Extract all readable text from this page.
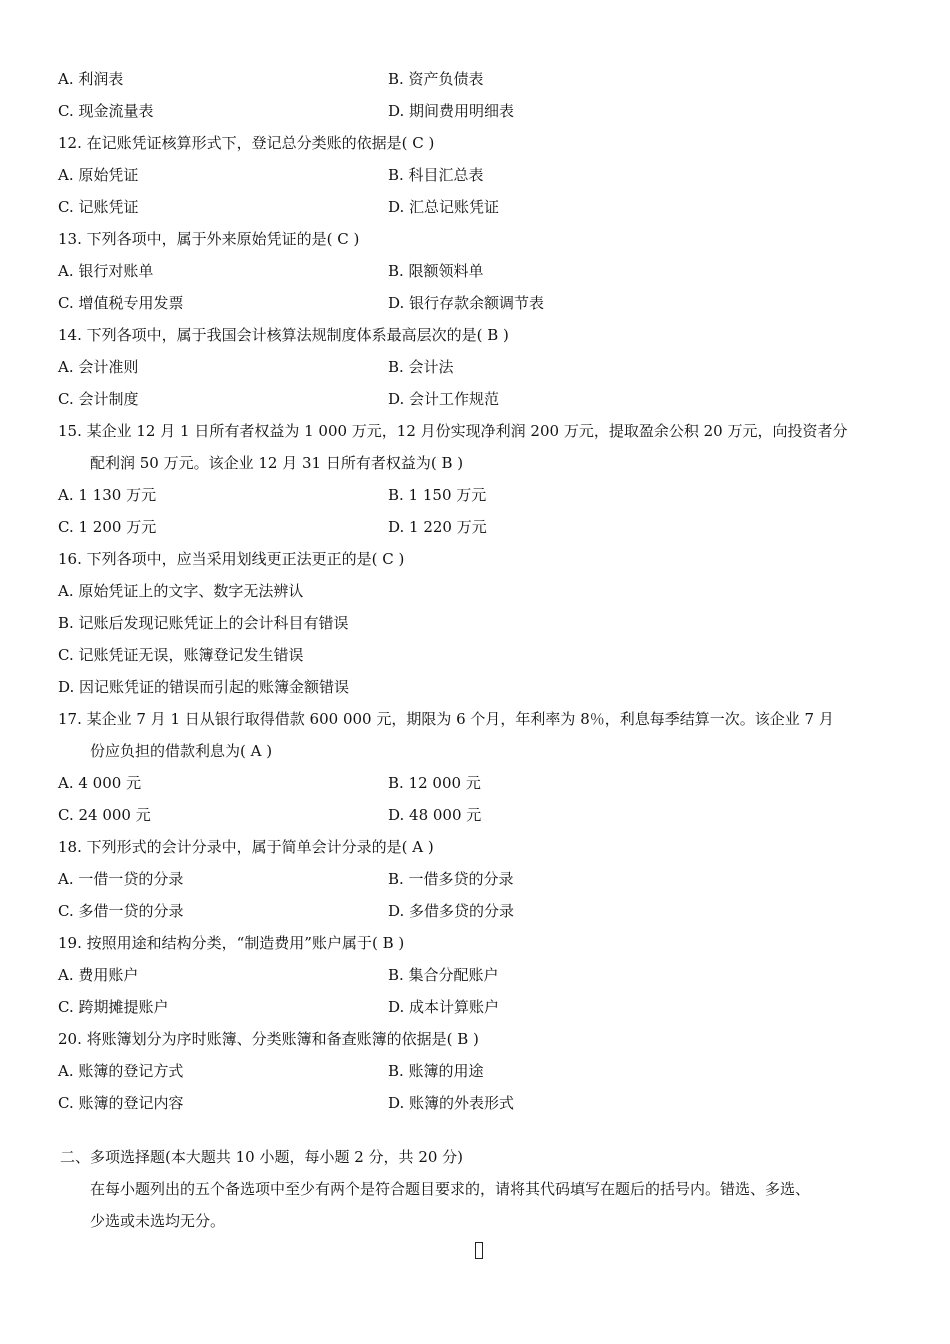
A. 利润表	B. 资产负债表
C. 现金流量表	D. 期间费用明细表
12. 在记账凭证核算形式下，登记总分类账的依据是( C )
A. 原始凭证	B. 科目汇总表
C. 记账凭证	D. 汇总记账凭证
13. 下列各项中，属于外来原始凭证的是( C )
A. 银行对账单	B. 限额领料单
C. 增值税专用发票	D. 银行存款余额调节表
14. 下列各项中，属于我国会计核算法规制度体系最高层次的是( B )
A. 会计准则	B. 会计法
C. 会计制度	D. 会计工作规范
15. 某企业 12 月 1 日所有者权益为 1 000 万元，12 月份实现净利润 200 万元，提取盈余公积 20 万元，向投资者分
配利润 50 万元。该企业 12 月 31 日所有者权益为( B )
A. 1 130 万元	B. 1 150 万元
C. 1 200 万元	D. 1 220 万元
16. 下列各项中，应当采用划线更正法更正的是( C )
A. 原始凭证上的文字、数字无法辨认
B. 记账后发现记账凭证上的会计科目有错误
C. 记账凭证无误，账簿登记发生错误
D. 因记账凭证的错误而引起的账簿金额错误
17. 某企业 7 月 1 日从银行取得借款 600 000 元，期限为 6 个月，年利率为 8％，利息每季结算一次。该企业 7 月
份应负担的借款利息为( A )
A. 4 000 元	B. 12 000 元
C. 24 000 元	D. 48 000 元
18. 下列形式的会计分录中，属于简单会计分录的是( A )
A. 一借一贷的分录	B. 一借多贷的分录
C. 多借一贷的分录	D. 多借多贷的分录
19. 按照用途和结构分类，“制造费用”账户属于( B )
A. 费用账户	B. 集合分配账户
C. 跨期摊提账户	D. 成本计算账户
20. 将账簿划分为序时账簿、分类账簿和备查账簿的依据是( B )
A. 账簿的登记方式	B. 账簿的用途
C. 账簿的登记内容	D. 账簿的外表形式
二、多项选择题(本大题共 10 小题，每小题 2 分，共 20 分)
在每小题列出的五个备选项中至少有两个是符合题目要求的，请将其代码填写在题后的括号内。错选、多选、
少选或未选均无分。
